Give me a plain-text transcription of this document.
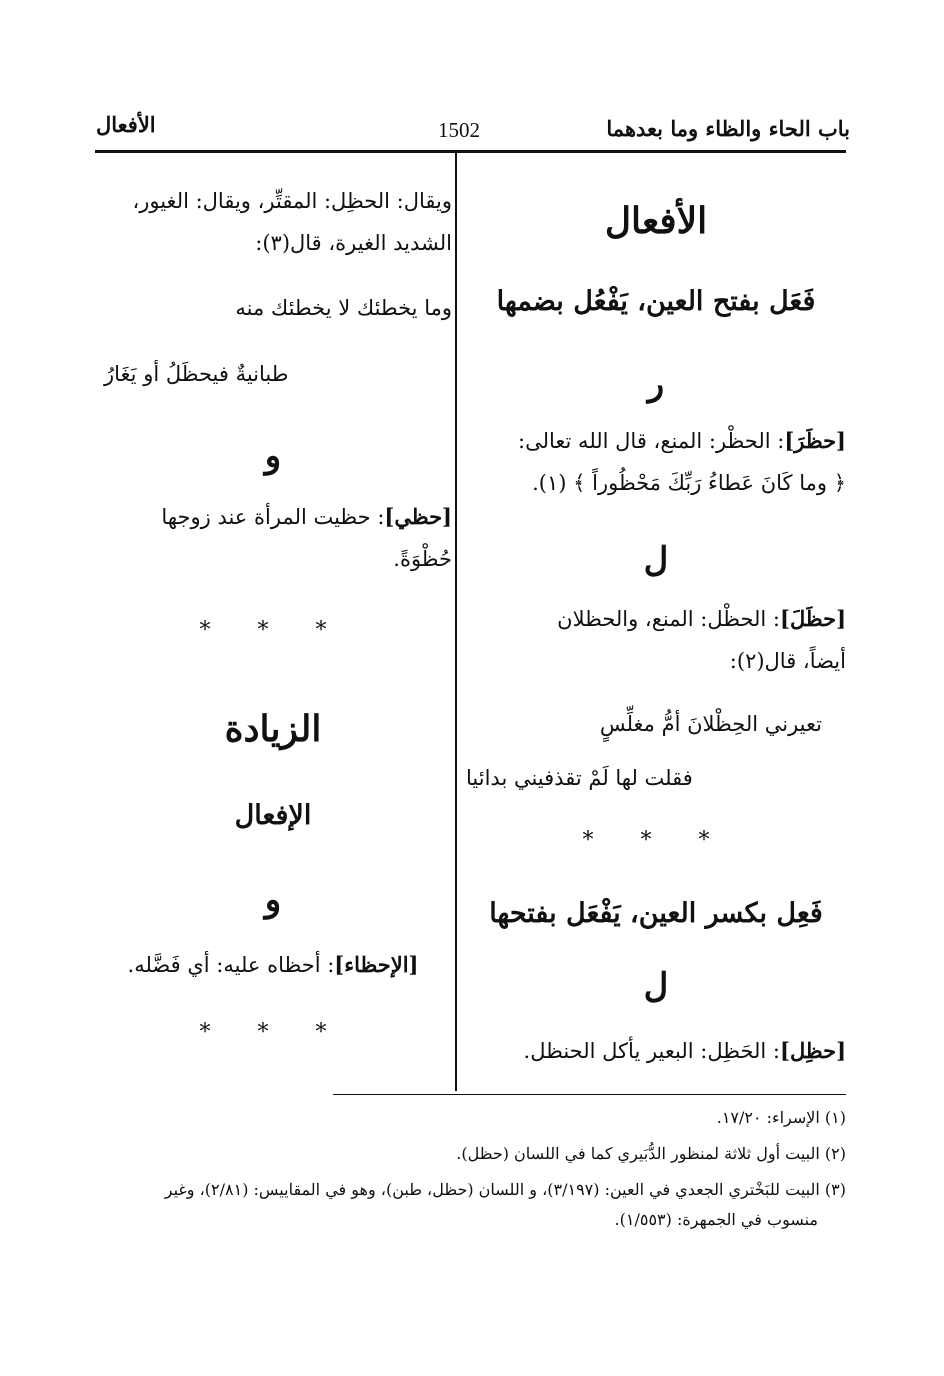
باب الحاء والظاء وما بعدهما
1502
الأفعال
الأفعال
فَعَل بفتح العين، يَفْعُل بضمها
ر
[حظَرَ]: الحظْر: المنع، قال الله تعالى:
﴿ وما كَانَ عَطاءُ رَبِّكَ مَحْظُوراً ﴾ (١).
ل
[حظَلَ]: الحظْل: المنع، والحظلان
أيضاً، قال(٢):
تعيرني الحِظْلانَ أمُّ مغلِّسٍ
فقلت لها لَمْ تقذفيني بدائيا
* * *
فَعِل بكسر العين، يَفْعَل بفتحها
ل
[حظِل]: الحَظِل: البعير يأكل الحنظل.
ويقال: الحظِل: المقتِّر، ويقال: الغيور،
الشديد الغيرة، قال(٣):
وما يخطئك لا يخطئك منه
طبانيةٌ فيحظَلُ أو يَغَارُ
و
[حظي]: حظيت المرأة عند زوجها
حُظْوَةً.
* * *
الزيادة
الإفعال
و
[الإحظاء]: أحظاه عليه: أي فَضَّله.
* * *
(١) الإسراء: ١٧/٢٠.
(٢) البيت أول ثلاثة لمنظور الدُّبَيري كما في اللسان (حظل).
(٣) البيت للبَخْتري الجعدي في العين: (٣/١٩٧)، و اللسان (حظل، طبن)، وهو في المقاييس: (٢/٨١)، وغير
منسوب في الجمهرة: (١/٥٥٣).
